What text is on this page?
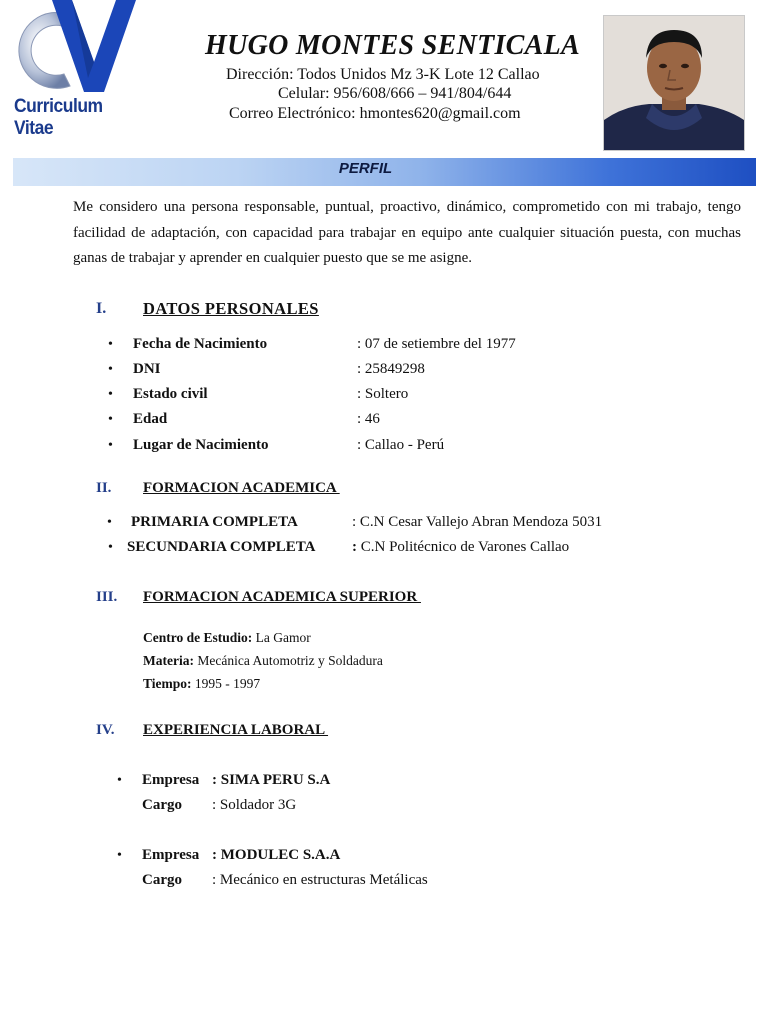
Curriculum Vitae
HUGO MONTES SENTICALA
Dirección: Todos Unidos Mz 3-K Lote 12 Callao
Celular: 956/608/666 – 941/804/644
Correo Electrónico: hmontes620@gmail.com
PERFIL
Me considero una persona responsable, puntual, proactivo, dinámico, comprometido con mi trabajo, tengo facilidad de adaptación, con capacidad para trabajar en equipo ante cualquier situación puesta, con muchas ganas de trabajar y aprender en cualquier puesto que se me asigne.
I. DATOS PERSONALES
• Fecha de Nacimiento	: 07 de setiembre del 1977
• DNI	: 25849298
• Estado civil	: Soltero
• Edad	: 46
• Lugar de Nacimiento	: Callao - Perú
II. FORMACION ACADEMICA
• PRIMARIA COMPLETA	: C.N Cesar Vallejo Abran Mendoza 5031
• SECUNDARIA COMPLETA : C.N Politécnico de Varones Callao
III. FORMACION ACADEMICA SUPERIOR
Centro de Estudio: La Gamor
Materia: Mecánica Automotriz y Soldadura
Tiempo: 1995 - 1997
IV. EXPERIENCIA LABORAL
• Empresa : SIMA PERU S.A
Cargo : Soldador 3G
• Empresa : MODULEC S.A.A
Cargo : Mecánico en estructuras Metálicas
